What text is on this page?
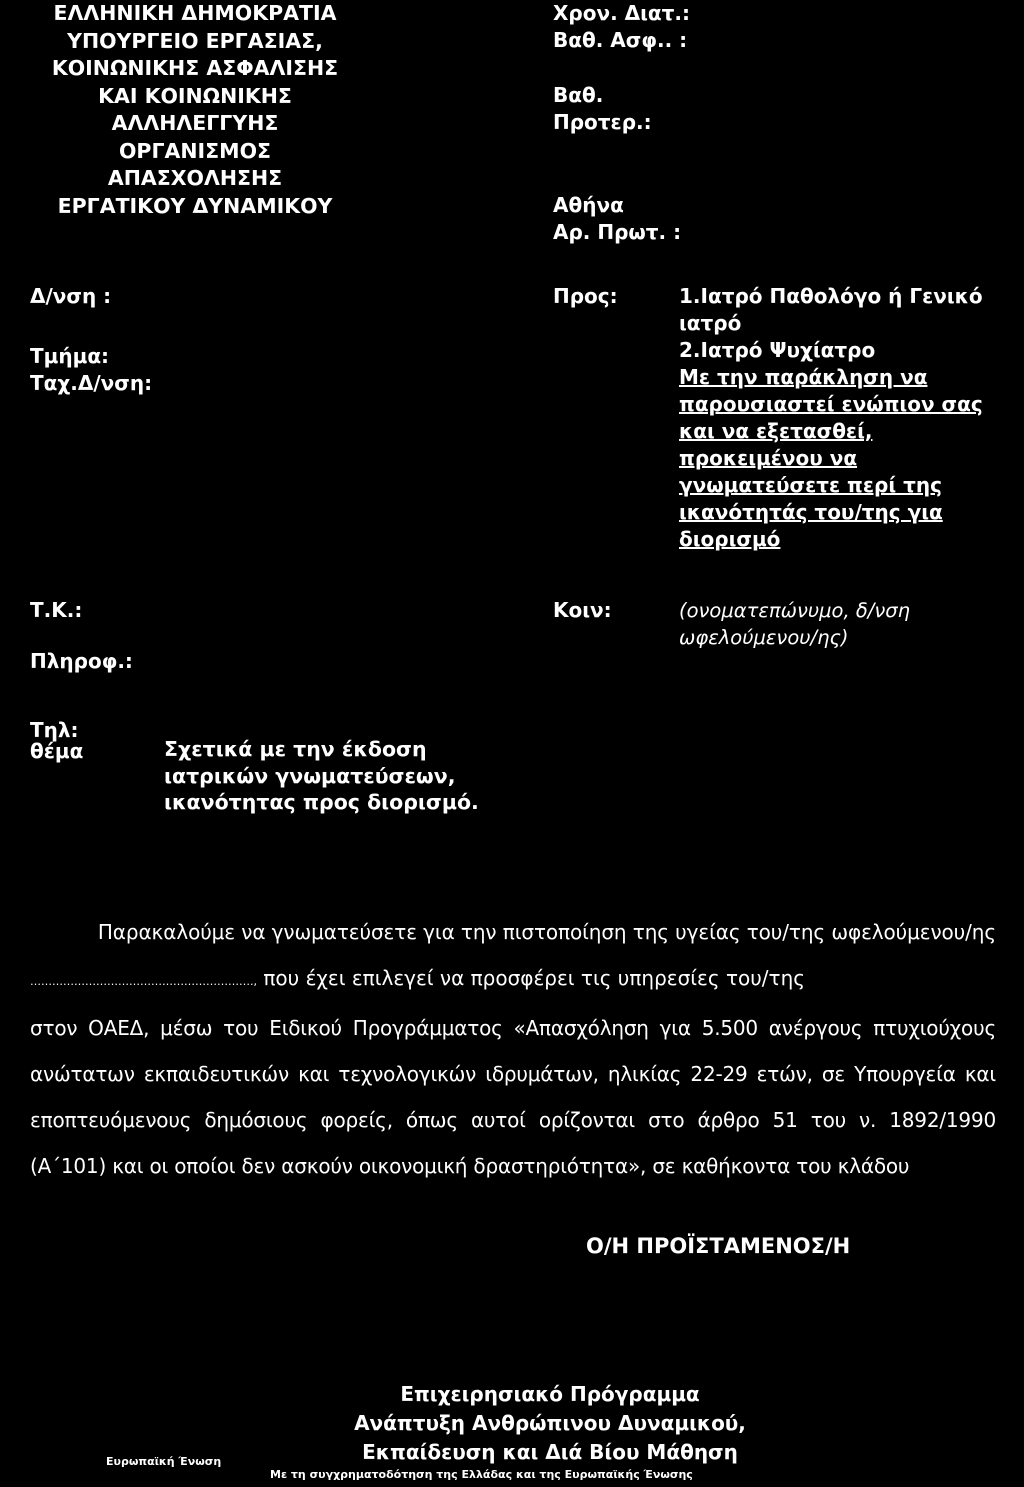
ΕΛΛΗΝΙΚΗ ΔΗΜΟΚΡΑΤΙΑ
ΥΠΟΥΡΓΕΙΟ ΕΡΓΑΣΙΑΣ,
ΚΟΙΝΩΝΙΚΗΣ ΑΣΦΑΛΙΣΗΣ
ΚΑΙ ΚΟΙΝΩΝΙΚΗΣ
ΑΛΛΗΛΕΓΓΥΗΣ
ΟΡΓΑΝΙΣΜΟΣ
ΑΠΑΣΧΟΛΗΣΗΣ
ΕΡΓΑΤΙΚΟΥ ΔΥΝΑΜΙΚΟΥ
Χρον. Διατ.:
Βαθ. Ασφ.. :
Βαθ.
Προτερ.:
Αθήνα
Αρ. Πρωτ. :
Δ/νση :
Τμήμα:
Ταχ.Δ/νση:
Τ.Κ.:
Πληροφ.:
Τηλ:
θέμα
Προς:	1.Ιατρό Παθολόγο ή Γενικό
ιατρό
2.Ιατρό Ψυχίατρο
Με την παράκληση να
παρουσιαστεί ενώπιον σας
και να εξετασθεί,
προκειμένου να
γνωματεύσετε περί της
ικανότητάς του/της για
διορισμό
Κοιν:	(ονοματεπώνυμο, δ/νση
ωφελούμενου/ης)
Σχετικά με την έκδοση
ιατρικών γνωματεύσεων,
ικανότητας προς διορισμό.

Παρακαλούμε να γνωματεύσετε για την πιστοποίηση της υγείας του/της ωφελούμενου/ης

……………………………………………………., που έχει επιλεγεί να προσφέρει τις υπηρεσίες του/της

στον ΟΑΕΔ, μέσω του Ειδικού Προγράμματος «Απασχόληση για 5.500 ανέργους πτυχιούχους ανώτατων εκπαιδευτικών και τεχνολογικών ιδρυμάτων, ηλικίας 22-29 ετών, σε Υπουργεία και εποπτευόμενους δημόσιους φορείς, όπως αυτοί ορίζονται στο άρθρο 51 του ν. 1892/1990 (Α΄101) και οι οποίοι δεν ασκούν οικονομική δραστηριότητα», σε καθήκοντα του κλάδου

Ο/Η ΠΡΟΪΣΤΑΜΕΝΟΣ/Η
Επιχειρησιακό Πρόγραμμα
Ανάπτυξη Ανθρώπινου Δυναμικού,
Εκπαίδευση και Διά Βίου Μάθηση
Ευρωπαϊκή Ένωση
Με τη συγχρηματοδότηση της Ελλάδας και της Ευρωπαϊκής Ένωσης
